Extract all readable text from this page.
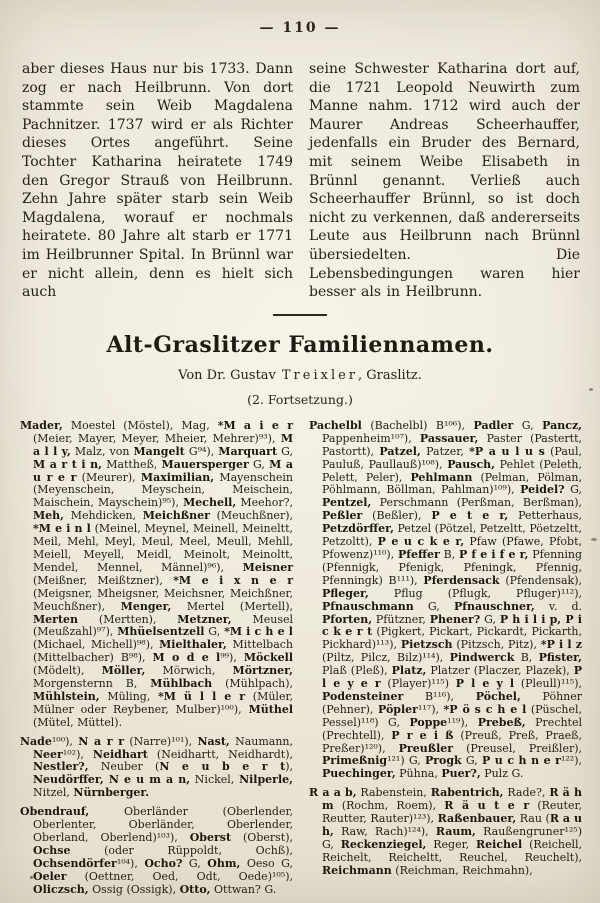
— 110 —

aber dieses Haus nur bis 1733. Dann zog er nach Heilbrunn. Von dort stammte sein Weib Magdalena Pachnitzer. 1737 wird er als Richter dieses Ortes angeführt. Seine Tochter Katharina heiratete 1749 den Gregor Strauß von Heilbrunn. Zehn Jahre später starb sein Weib Magdalena, worauf er nochmals heiratete. 80 Jahre alt starb er 1771 im Heilbrunner Spital. In Brünnl war er nicht allein, denn es hielt sich auch

seine Schwester Katharina dort auf, die 1721 Leopold Neuwirth zum Manne nahm. 1712 wird auch der Maurer Andreas Scheerhauffer, jedenfalls ein Bruder des Bernard, mit seinem Weibe Elisabeth in Brünnl genannt. Verließ auch Scheerhauffer Brünnl, so ist doch nicht zu verkennen, daß andererseits Leute aus Heilbrunn nach Brünnl übersiedelten. Die Lebensbedingungen waren hier besser als in Heilbrunn.

Alt-Graslitzer Familiennamen.
Von Dr. Gustav Treixler, Graslitz.
(2. Fortsetzung.)

Mader, Moestel (Möstel), Mag, *M a i e r (Meier, Mayer, Meyer, Mheier, Mehrer)⁹³), M a l l y, Malz, von Mangelt G⁹⁴), Marquart G, M a r t i n, Mattheß, Mauersperger G, M a u r e r (Meurer), Maximilian, Mayenschein (Meyenschein, Meyschein, Meischein, Maischein, Mayschein)⁹⁵), Mechell, Meehor?, Meh, Mehdicken, Meichßner (Meuchßner), *M e i n l (Meinel, Meynel, Meinell, Meineltt, Meil, Mehl, Meyl, Meul, Meel, Meull, Mehll, Meiell, Meyell, Meidl, Meinolt, Meinoltt, Mendel, Mennel, Männel)⁹⁶), Meisner (Meißner, Meißtzner), *M e i x n e r (Meigsner, Mheigsner, Meichsner, Meichßner, Meuchßner), Menger, Mertel (Mertell), Merten (Mertten), Metzner, Meusel (Meußzahl)⁹⁷), Mhüelsentzell G, *M i c h e l (Michael, Michell)⁹⁸), Mielthaler, Mittelbach (Mittelbacher) B⁹⁸), M o d e l⁹⁹), Möckell (Mödelt), Möller, Mörwich, Mörtzner, Morgensternn B, Mühlbach (Mühlpach), Mühlstein, Müling, *M ü l l e r (Müler, Mülner oder Reybener, Mulber)¹⁰⁰), Müthel (Mütel, Müttel).

Nade¹⁰⁰), N a r r (Narre)¹⁰¹), Nast, Naumann, Neer¹⁰²), Neidhart (Neidhartt, Neidhardt), Nestler?, Neuber (N e u b e r t), Neudörffer, N e u m a n, Nickel, Nilperle, Nitzel, Nürnberger.

Obendrauf, Oberländer (Oberlender, Oberlenter, Oberländer, Oberlender, Oberland, Oberlend)¹⁰³), Oberst (Oberst), Ochse (oder Rüppoldt, Ochß), Ochsendörfer¹⁰⁴), Ocho? G, Ohm, Oeso G, Oeler (Oettner, Oed, Odt, Oede)¹⁰⁵), Oliczsch, Ossig (Ossigk), Otto, Ottwan? G.

Pachelbl (Bachelbl) B¹⁰⁶), Padler G, Pancz, Pappenheim¹⁰⁷), Passauer, Paster (Pastertt, Pastortt), Patzel, Patzer, *P a u l u s (Paul, Pauluß, Paullauß)¹⁰⁸), Pausch, Pehlet (Peleth, Pelett, Peler), Pehlmann (Pelman, Pölman, Pöhlmann, Böllman, Pahlman)¹⁰⁹), Peidel? G, Pentzel, Perschmann (Perßman, Berßman), Peßler (Beßler), P e t e r, Petterhaus, Petzdörffer, Petzel (Pötzel, Petzeltt, Pöetzeltt, Petzoltt), P e u c k e r, Pfaw (Pfawe, Pfobt, Pfowenz)¹¹⁰), Pfeffer B, P f e i f e r, Pfenning (Pfennigk, Pfenigk, Pfeningk, Pfennig, Pfenningk) B¹¹¹), Pferdensack (Pfendensak), Pfleger, Pflug (Pflugk, Pfluger)¹¹²), Pfnauschmann G, Pfnauschner, v. d. Pforten, Pfützner, Phener? G, P h i l i p, P i c k e r t (Pigkert, Pickart, Pickardt, Pickarth, Pickhard)¹¹³), Pietzsch (Pitzsch, Pitz), *P i l z (Piltz, Pilcz, Bilz)¹¹⁴), Pindwerck B, Pfister, Plaß (Pleß), Platz, Platzer (Placzer, Plazek), P l e y e r (Player)¹¹⁵) P l e y l (Pleull)¹¹⁵), Podensteiner B¹¹⁶), Pöchel, Pöhner (Pehner), Pöpler¹¹⁷), *P ö s c h e l (Püschel, Pessel)¹¹⁸) G, Poppe¹¹⁹), Prebeß, Prechtel (Prechtell), P r e i ß (Preuß, Preß, Praeß, Preßer)¹²⁰), Preußler (Preusel, Preißler), Primeßnig¹²¹) G, Progk G, P u c h n e r¹²²), Puechinger, Pühna, Puer?, Pulz G.

R a a b, Rabenstein, Rabentrich, Rade?, R ä h m (Rochm, Roem), R ä u t e r (Reuter, Reutter, Rauter)¹²³), Raßenbauer, Rau (R a u h, Raw, Rach)¹²⁴), Raum, Raußengruner¹²⁵) G, Reckenziegel, Reger, Reichel (Reichell, Reichelt, Reicheltt, Reuchel, Reuchelt), Reichmann (Reichman, Reichmahn),
